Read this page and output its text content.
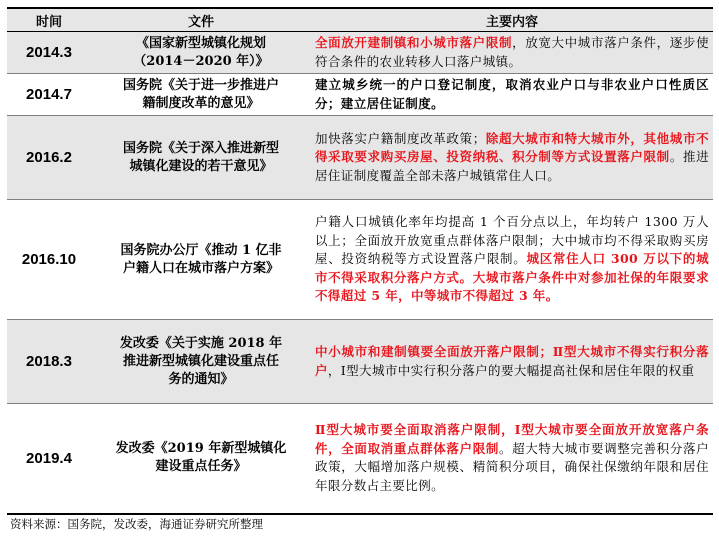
时间	文件	主要内容
2014.3	《国家新型城镇化规划
（2014－2020 年）》	全面放开建制镇和小城市落户限制，放宽大中城市落户条件，逐步使符合条件的农业转移人口落户城镇。
2014.7	国务院《关于进一步推进户
籍制度改革的意见》	建立城乡统一的户口登记制度，取消农业户口与非农业户口性质区分；建立居住证制度。
2016.2	国务院《关于深入推进新型
城镇化建设的若干意见》	加快落实户籍制度改革政策；除超大城市和特大城市外，其他城市不得采取要求购买房屋、投资纳税、积分制等方式设置落户限制。推进居住证制度覆盖全部未落户城镇常住人口。
2016.10	国务院办公厅《推动 1 亿非
户籍人口在城市落户方案》	户籍人口城镇化率年均提高 1 个百分点以上，年均转户 1300 万人以上；全面放开放宽重点群体落户限制；大中城市均不得采取购买房屋、投资纳税等方式设置落户限制。城区常住人口 300 万以下的城市不得采取积分落户方式。大城市落户条件中对参加社保的年限要求不得超过 5 年，中等城市不得超过 3 年。
2018.3	发改委《关于实施 2018 年
推进新型城镇化建设重点任
务的通知》	中小城市和建制镇要全面放开落户限制；Ⅱ型大城市不得实行积分落户，Ⅰ型大城市中实行积分落户的要大幅提高社保和居住年限的权重
2019.4	发改委《2019 年新型城镇化
建设重点任务》	Ⅱ型大城市要全面取消落户限制，Ⅰ型大城市要全面放开放宽落户条件，全面取消重点群体落户限制。超大特大城市要调整完善积分落户政策，大幅增加落户规模、精简积分项目，确保社保缴纳年限和居住年限分数占主要比例。
资料来源：国务院，发改委，海通证券研究所整理
